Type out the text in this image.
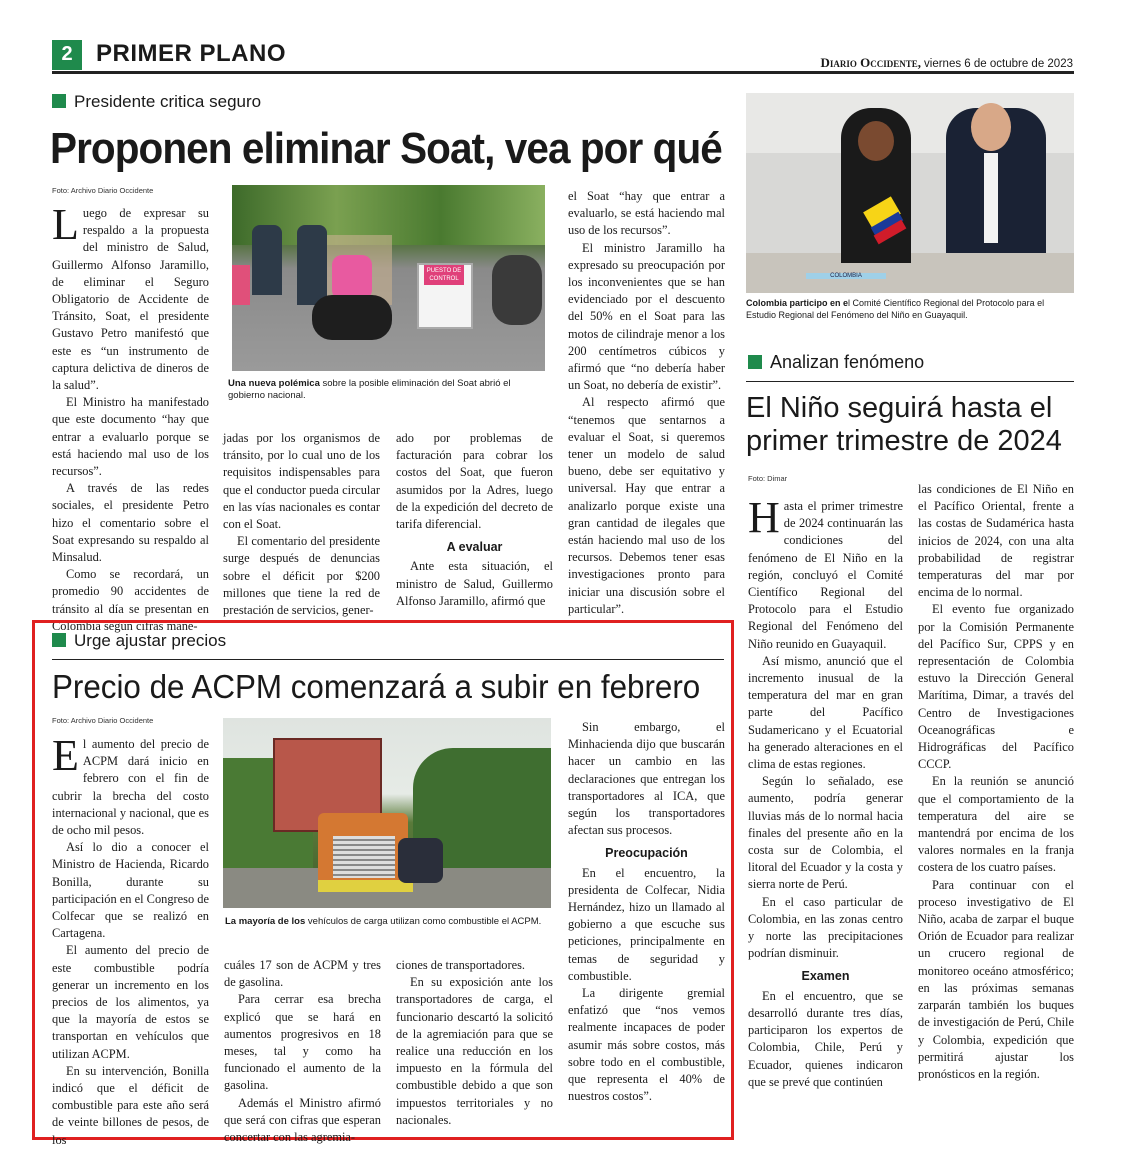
2 PRIMER PLANO	Diario Occidente, viernes 6 de octubre de 2023
Presidente critica seguro
Proponen eliminar Soat, vea por qué
Foto: Archivo Diario Occidente
PUESTO DE CONTROL
Una nueva polémica sobre la posible eliminación del Soat abrió el gobierno nacional.

Luego de expresar su respaldo a la propuesta del ministro de Salud, Guillermo Alfonso Jaramillo, de eliminar el Seguro Obligatorio de Accidente de Tránsito, Soat, el presidente Gustavo Petro manifestó que este es “un instrumento de captura delictiva de dineros de la salud”.

El Ministro ha manifestado que este documento “hay que entrar a evaluarlo porque se está haciendo mal uso de los recursos”.

A través de las redes sociales, el presidente Petro hizo el comentario sobre el Soat expresando su respaldo al Minsalud.

Como se recordará, un promedio 90 accidentes de tránsito al día se presentan en Colombia según cifras mane-

jadas por los organismos de tránsito, por lo cual uno de los requisitos indispensables para que el conductor pueda circular en las vías nacionales es contar con el Soat.

El comentario del presidente surge después de denuncias sobre el déficit por $200 millones que tiene la red de prestación de servicios, gener-

ado por problemas de facturación para cobrar los costos del Soat, que fueron asumidos por la Adres, luego de la expedición del decreto de tarifa diferencial.

A evaluar

Ante esta situación, el ministro de Salud, Guillermo Alfonso Jaramillo, afirmó que

el Soat “hay que entrar a evaluarlo, se está haciendo mal uso de los recursos”.

El ministro Jaramillo ha expresado su preocupación por los inconvenientes que se han evidenciado por el descuento del 50% en el Soat para las motos de cilindraje menor a los 200 centímetros cúbicos y afirmó que “no debería haber un Soat, no debería de existir”.

Al respecto afirmó que “tenemos que sentarnos a evaluar el Soat, si queremos tener un modelo de salud bueno, debe ser equitativo y universal. Hay que entrar a analizarlo porque existe una gran cantidad de ilegales que están haciendo mal uso de los recursos. Debemos tener esas investigaciones pronto para iniciar una discusión sobre el particular”.

COLOMBIA
Colombia participo en el Comité Científico Regional del Protocolo para el Estudio Regional del Fenómeno del Niño en Guayaquil.
Analizan fenómeno
El Niño seguirá hasta el primer trimestre de 2024
Foto: Dimar

Hasta el primer trimestre de 2024 continuarán las condiciones del fenómeno de El Niño en la región, concluyó el Comité Científico Regional del Protocolo para el Estudio Regional del Fenómeno del Niño reunido en Guayaquil.

Así mismo, anunció que el incremento inusual de la temperatura del mar en gran parte del Pacífico Sudamericano y el Ecuatorial ha generado alteraciones en el clima de estas regiones.

Según lo señalado, ese aumento, podría generar lluvias más de lo normal hacia finales del presente año en la costa sur de Colombia, el litoral del Ecuador y la costa y sierra norte de Perú.

En el caso particular de Colombia, en las zonas centro y norte las precipitaciones podrían disminuir.

Examen

En el encuentro, que se desarrolló durante tres días, participaron los expertos de Colombia, Chile, Perú y Ecuador, quienes indicaron que se prevé que continúen

las condiciones de El Niño en el Pacífico Oriental, frente a las costas de Sudamérica hasta inicios de 2024, con una alta probabilidad de registrar temperaturas del mar por encima de lo normal.

El evento fue organizado por la Comisión Permanente del Pacífico Sur, CPPS y en representación de Colombia estuvo la Dirección General Marítima, Dimar, a través del Centro de Investigaciones Oceanográficas e Hidrográficas del Pacífico CCCP.

En la reunión se anunció que el comportamiento de la temperatura del aire se mantendrá por encima de los valores normales en la franja costera de los cuatro países.

Para continuar con el proceso investigativo de El Niño, acaba de zarpar el buque Orión de Ecuador para realizar un crucero regional de monitoreo oceáno atmosférico; en las próximas semanas zarparán también los buques de investigación de Perú, Chile y Colombia, expedición que permitirá ajustar los pronósticos en la región.

Urge ajustar precios
Precio de ACPM comenzará a subir en febrero
Foto: Archivo Diario Occidente
La mayoría de los vehículos de carga utilizan como combustible el ACPM.

El aumento del precio de ACPM dará inicio en febrero con el fin de cubrir la brecha del costo internacional y nacional, que es de ocho mil pesos.

Así lo dio a conocer el Ministro de Hacienda, Ricardo Bonilla, durante su participación en el Congreso de Colfecar que se realizó en Cartagena.

El aumento del precio de este combustible podría generar un incremento en los precios de los alimentos, ya que la mayoría de estos se transportan en vehículos que utilizan ACPM.

En su intervención, Bonilla indicó que el déficit de combustible para este año será de veinte billones de pesos, de los

cuáles 17 son de ACPM y tres de gasolina.

Para cerrar esa brecha explicó que se hará en aumentos progresivos en 18 meses, tal y como ha funcionado el aumento de la gasolina.

Además el Ministro afirmó que será con cifras que esperan concertar con las agremia-

ciones de transportadores.

En su exposición ante los transportadores de carga, el funcionario descartó la solicitó de la agremiación para que se realice una reducción en los impuesto en la fórmula del combustible debido a que son impuestos territoriales y no nacionales.

Sin embargo, el Minhacienda dijo que buscarán hacer un cambio en las declaraciones que entregan los transportadores al ICA, que según los transportadores afectan sus procesos.

Preocupación

En el encuentro, la presidenta de Colfecar, Nidia Hernández, hizo un llamado al gobierno a que escuche sus peticiones, principalmente en temas de seguridad y combustible.

La dirigente gremial enfatizó que “nos vemos realmente incapaces de poder asumir más sobre costos, más sobre todo en el combustible, que representa el 40% de nuestros costos”.
